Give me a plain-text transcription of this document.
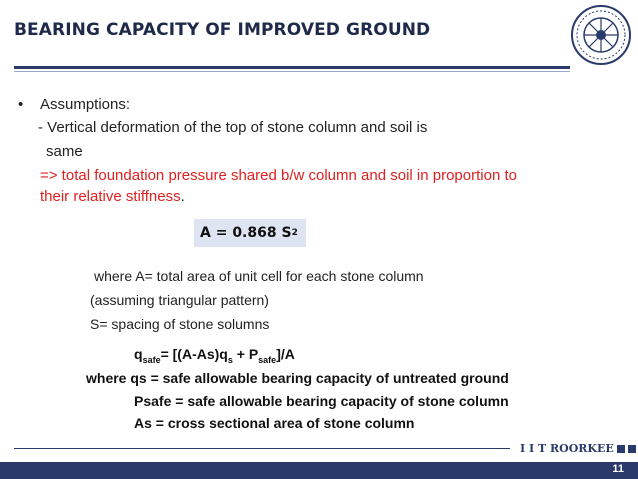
BEARING CAPACITY OF IMPROVED GROUND
• Assumptions:
- Vertical deformation of the top of stone column and soil is
same
=> total foundation pressure shared b/w column and soil in proportion to
their relative stiffness.
A = 0.868 S 2
where A= total area of unit cell for each stone column
(assuming triangular pattern)
S= spacing of stone solumns
$q_{safe}= [(A-As)q_s + P_{safe}]/A$
where qs = safe allowable bearing capacity of untreated ground
Psafe = safe allowable bearing capacity of stone column
As = cross sectional area of stone column
I I T ROORKEE
11
